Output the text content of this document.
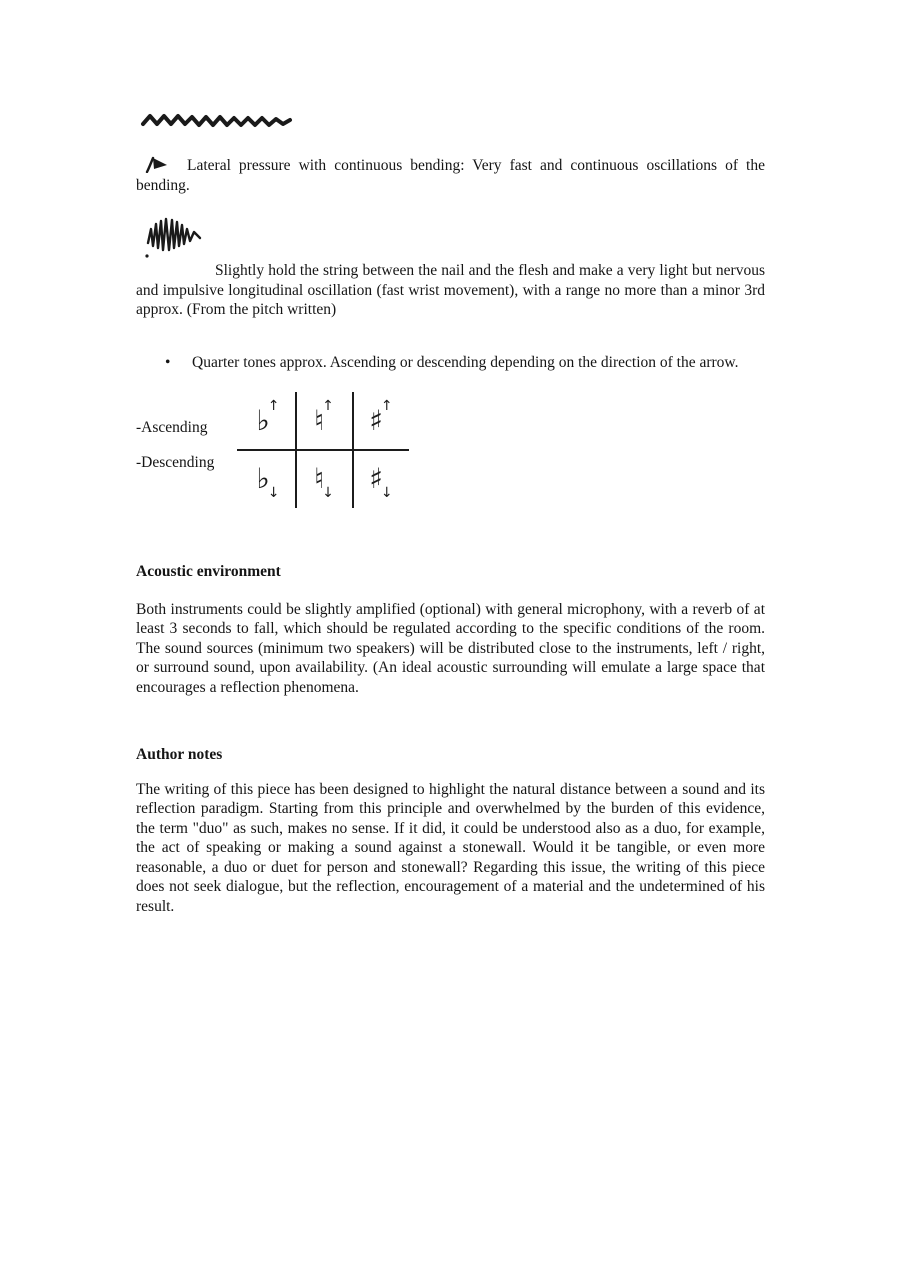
Lateral pressure with continuous bending: Very fast and continuous oscillations of the bending.

Slightly hold the string between the nail and the flesh and make a very light but nervous and impulsive longitudinal oscillation (fast wrist movement), with a range no more than a minor 3rd approx. (From the pitch written)

•	Quarter tones approx. Ascending or descending depending on the direction of the arrow.

-Ascending
-Descending
♭
↑ ♮
↑ ♯
↑
♭
↓ ♮
↓ ♯
↓
Acoustic environment

Both instruments could be slightly amplified (optional) with general microphony, with a reverb of at least 3 seconds to fall, which should be regulated according to the specific conditions of the room. The sound sources (minimum two speakers) will be distributed close to the instruments, left / right, or surround sound, upon availability. (An ideal acoustic surrounding will emulate a large space that encourages a reflection phenomena.

Author notes

The writing of this piece has been designed to highlight the natural distance between a sound and its reflection paradigm. Starting from this principle and overwhelmed by the burden of this evidence, the term "duo" as such, makes no sense. If it did, it could be understood also as a duo, for example, the act of speaking or making a sound against a stonewall. Would it be tangible, or even more reasonable, a duo or duet for person and stonewall? Regarding this issue, the writing of this piece does not seek dialogue, but the reflection, encouragement of a material and the undetermined of his result.
